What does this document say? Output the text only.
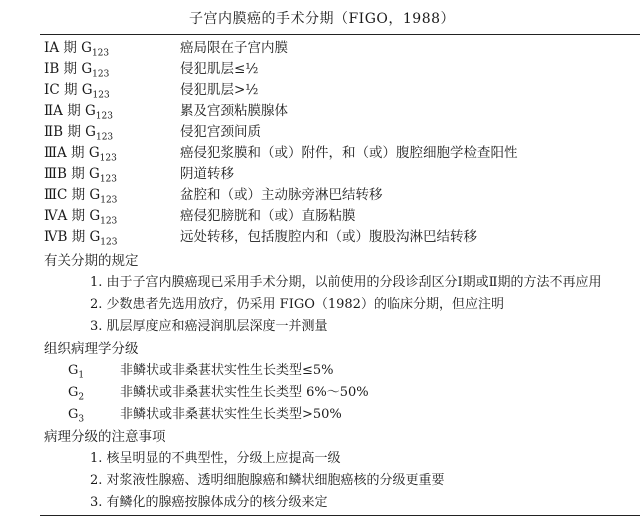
子宫内膜癌的手术分期（FIGO，1988）
ⅠA 期 $G_{123}$	癌局限在子宫内膜
ⅠB 期 $G_{123}$	侵犯肌层≤½
ⅠC 期 $G_{123}$	侵犯肌层>½
ⅡA 期 $G_{123}$	累及宫颈粘膜腺体
ⅡB 期 $G_{123}$	侵犯宫颈间质
ⅢA 期 $G_{123}$	癌侵犯浆膜和（或）附件，和（或）腹腔细胞学检查阳性
ⅢB 期 $G_{123}$	阴道转移
ⅢC 期 $G_{123}$	盆腔和（或）主动脉旁淋巴结转移
ⅣA 期 $G_{123}$	癌侵犯膀胱和（或）直肠粘膜
ⅣB 期 $G_{123}$	远处转移，包括腹腔内和（或）腹股沟淋巴结转移
有关分期的规定
1. 由于子宫内膜癌现已采用手术分期，以前使用的分段诊刮区分Ⅰ期或Ⅱ期的方法不再应用
2. 少数患者先选用放疗，仍采用 FIGO（1982）的临床分期，但应注明
3. 肌层厚度应和癌浸润肌层深度一并测量
组织病理学分级
$G_1$	非鳞状或非桑葚状实性生长类型≤5%
$G_2$	非鳞状或非桑葚状实性生长类型 6%～50%
$G_3$	非鳞状或非桑葚状实性生长类型>50%
病理分级的注意事项
1. 核呈明显的不典型性，分级上应提高一级
2. 对浆液性腺癌、透明细胞腺癌和鳞状细胞癌核的分级更重要
3. 有鳞化的腺癌按腺体成分的核分级来定
